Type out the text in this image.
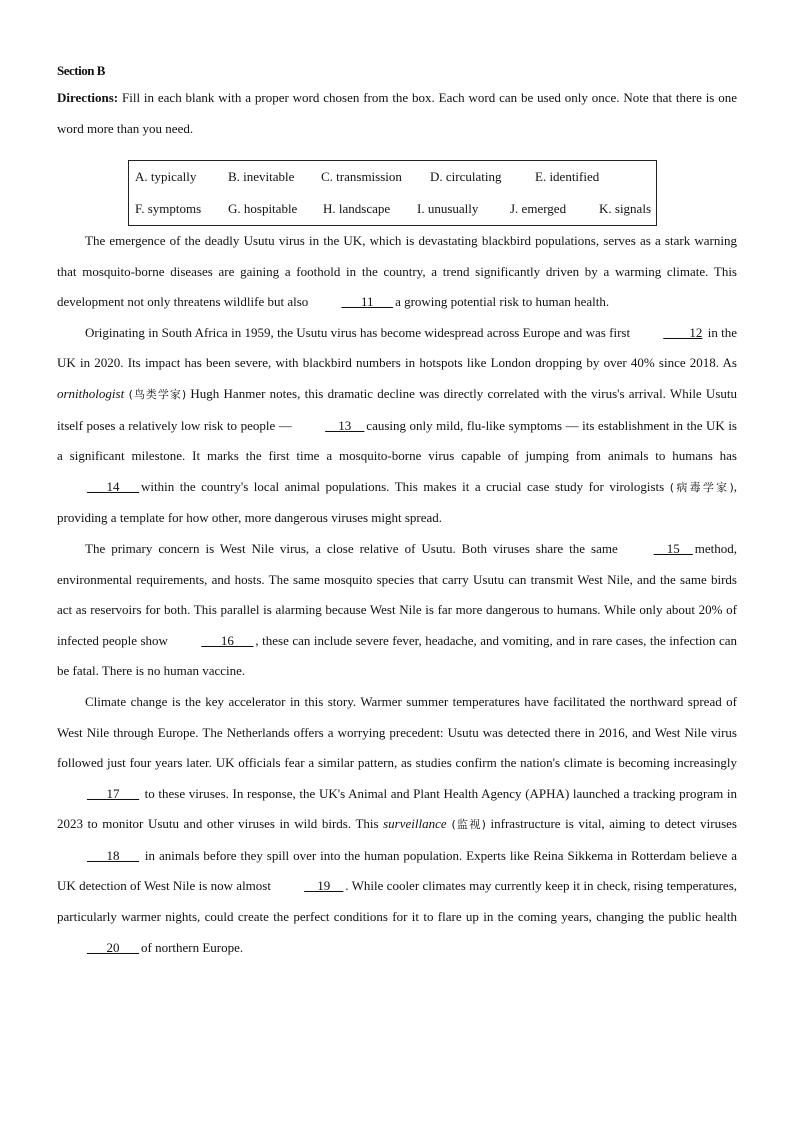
Section B

Directions: Fill in each blank with a proper word chosen from the box. Each word can be used only once. Note that there is one word more than you need.

A. typically	B. inevitable	C. transmission	D. circulating	E. identified
F. symptoms	G. hospitable	H. landscape	I. unusually	J. emerged	K. signals

The emergence of the deadly Usutu virus in the UK, which is devastating blackbird populations, serves as a stark warning that mosquito-borne diseases are gaining a foothold in the country, a trend significantly driven by a warming climate. This development not only threatens wildlife but also ___11___ a growing potential risk to human health.

Originating in South Africa in 1959, the Usutu virus has become widespread across Europe and was first ____12 in the UK in 2020. Its impact has been severe, with blackbird numbers in hotspots like London dropping by over 40% since 2018. As ornithologist (鸟类学家) Hugh Hanmer notes, this dramatic decline was directly correlated with the virus's arrival. While Usutu itself poses a relatively low risk to people — __13__ causing only mild, flu-like symptoms — its establishment in the UK is a significant milestone. It marks the first time a mosquito-borne virus capable of jumping from animals to humans has ___14___ within the country's local animal populations. This makes it a crucial case study for virologists (病毒学家), providing a template for how other, more dangerous viruses might spread.

The primary concern is West Nile virus, a close relative of Usutu. Both viruses share the same __15__ method, environmental requirements, and hosts. The same mosquito species that carry Usutu can transmit West Nile, and the same birds act as reservoirs for both. This parallel is alarming because West Nile is far more dangerous to humans. While only about 20% of infected people show ___16___ , these can include severe fever, headache, and vomiting, and in rare cases, the infection can be fatal. There is no human vaccine.

Climate change is the key accelerator in this story. Warmer summer temperatures have facilitated the northward spread of West Nile through Europe. The Netherlands offers a worrying precedent: Usutu was detected there in 2016, and West Nile virus followed just four years later. UK officials fear a similar pattern, as studies confirm the nation's climate is becoming increasingly ___17___ to these viruses. In response, the UK's Animal and Plant Health Agency (APHA) launched a tracking program in 2023 to monitor Usutu and other viruses in wild birds. This surveillance (监视) infrastructure is vital, aiming to detect viruses ___18___ in animals before they spill over into the human population. Experts like Reina Sikkema in Rotterdam believe a UK detection of West Nile is now almost __19__ . While cooler climates may currently keep it in check, rising temperatures, particularly warmer nights, could create the perfect conditions for it to flare up in the coming years, changing the public health ___20___ of northern Europe.
